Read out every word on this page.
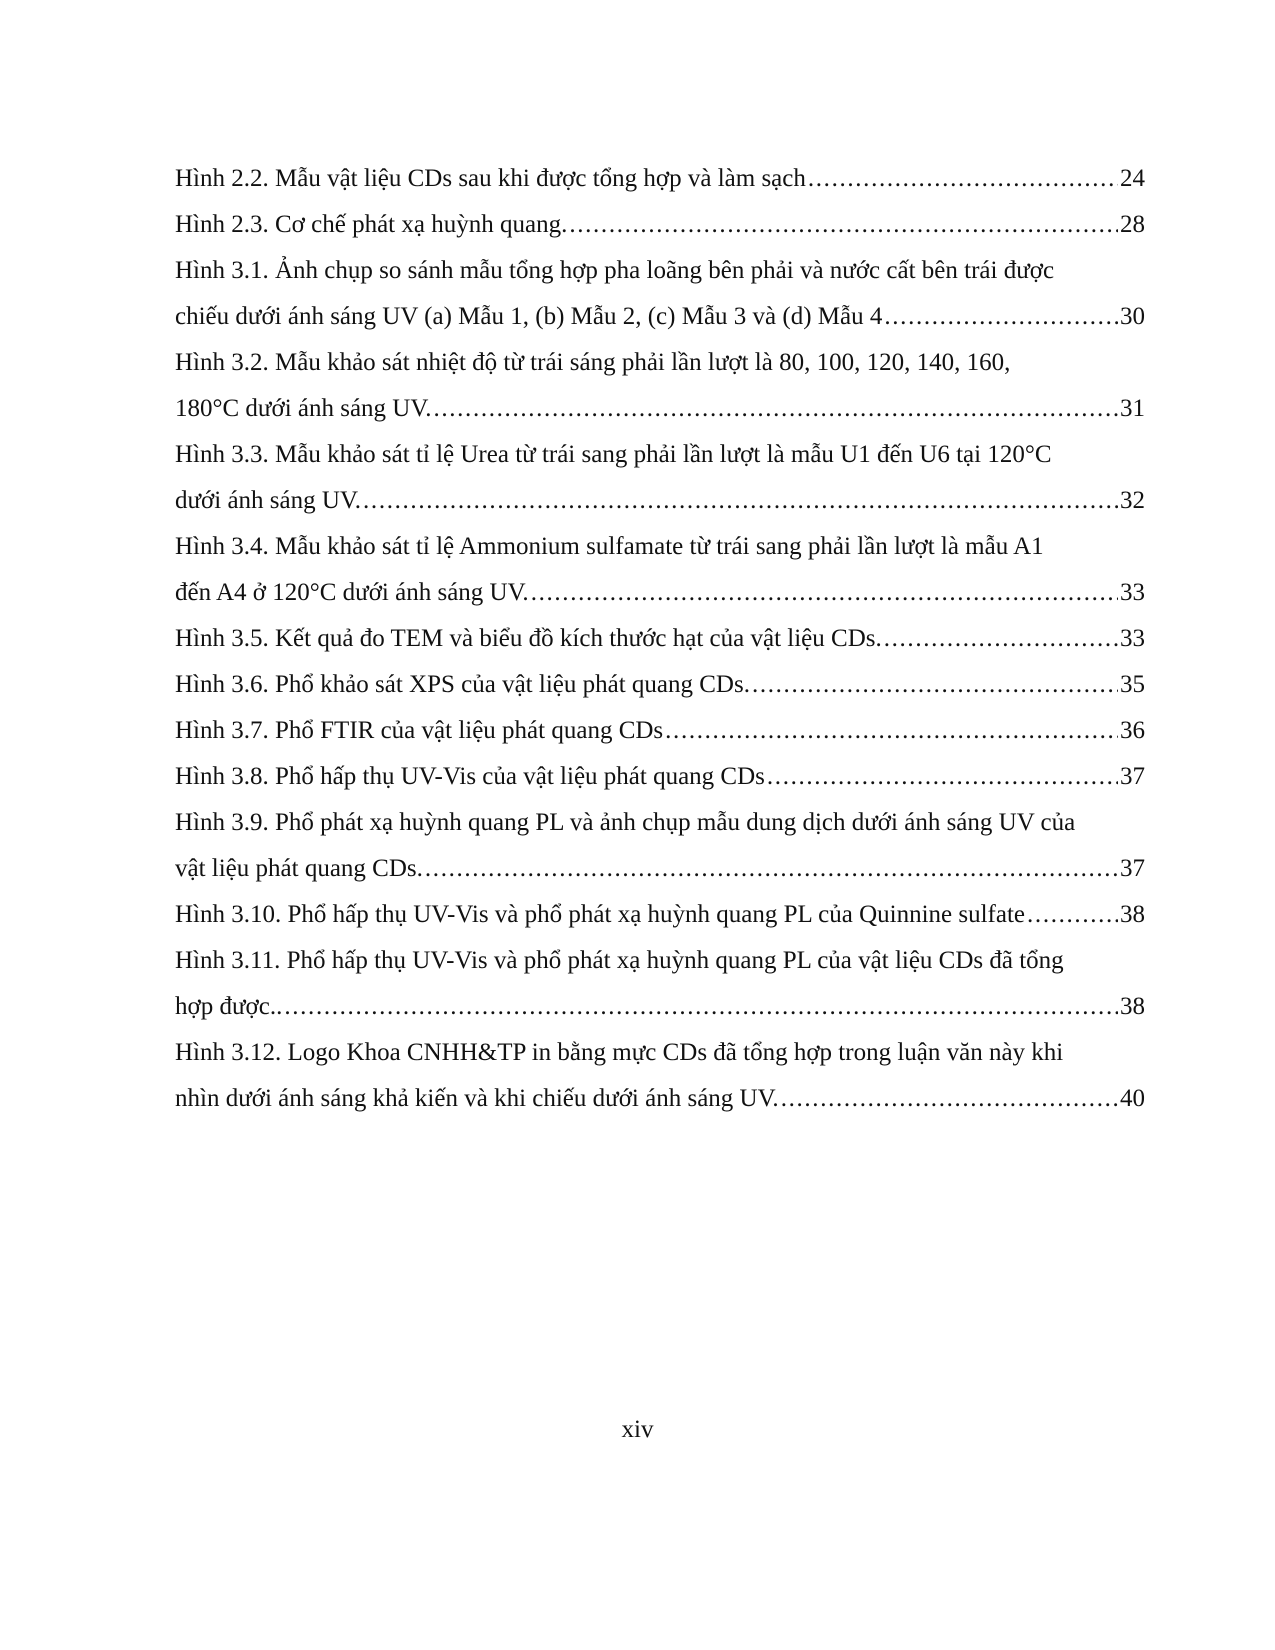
Hình 2.2. Mẫu vật liệu CDs sau khi được tổng hợp và làm sạch . . .	24
Hình 2.3. Cơ chế phát xạ huỳnh quang. . . .	28
Hình 3.1. Ảnh chụp so sánh mẫu tổng hợp pha loãng bên phải và nước cất bên trái được
chiếu dưới ánh sáng UV (a) Mẫu 1, (b) Mẫu 2, (c) Mẫu 3 và (d) Mẫu 4 . . .	30
Hình 3.2. Mẫu khảo sát nhiệt độ từ trái sáng phải lần lượt là 80, 100, 120, 140, 160,
180°C dưới ánh sáng UV. . . .	31
Hình 3.3. Mẫu khảo sát tỉ lệ Urea từ trái sang phải lần lượt là mẫu U1 đến U6 tại 120°C
dưới ánh sáng UV. . . .	32
Hình 3.4. Mẫu khảo sát tỉ lệ Ammonium sulfamate từ trái sang phải lần lượt là mẫu A1
đến A4 ở 120°C dưới ánh sáng UV. . . .	33
Hình 3.5. Kết quả đo TEM và biểu đồ kích thước hạt của vật liệu CDs. . . .	33
Hình 3.6. Phổ khảo sát XPS của vật liệu phát quang CDs. . . .	35
Hình 3.7. Phổ FTIR của vật liệu phát quang CDs . . .	36
Hình 3.8. Phổ hấp thụ UV-Vis của vật liệu phát quang CDs . . .	37
Hình 3.9. Phổ phát xạ huỳnh quang PL và ảnh chụp mẫu dung dịch dưới ánh sáng UV của
vật liệu phát quang CDs. . . .	37
Hình 3.10. Phổ hấp thụ UV-Vis và phổ phát xạ huỳnh quang PL của Quinnine sulfate . . .	38
Hình 3.11. Phổ hấp thụ UV-Vis và phổ phát xạ huỳnh quang PL của vật liệu CDs đã tổng
hợp được.. . . .	38
Hình 3.12. Logo Khoa CNHH&TP in bằng mực CDs đã tổng hợp trong luận văn này khi
nhìn dưới ánh sáng khả kiến và khi chiếu dưới ánh sáng UV. . . .	40
xiv
